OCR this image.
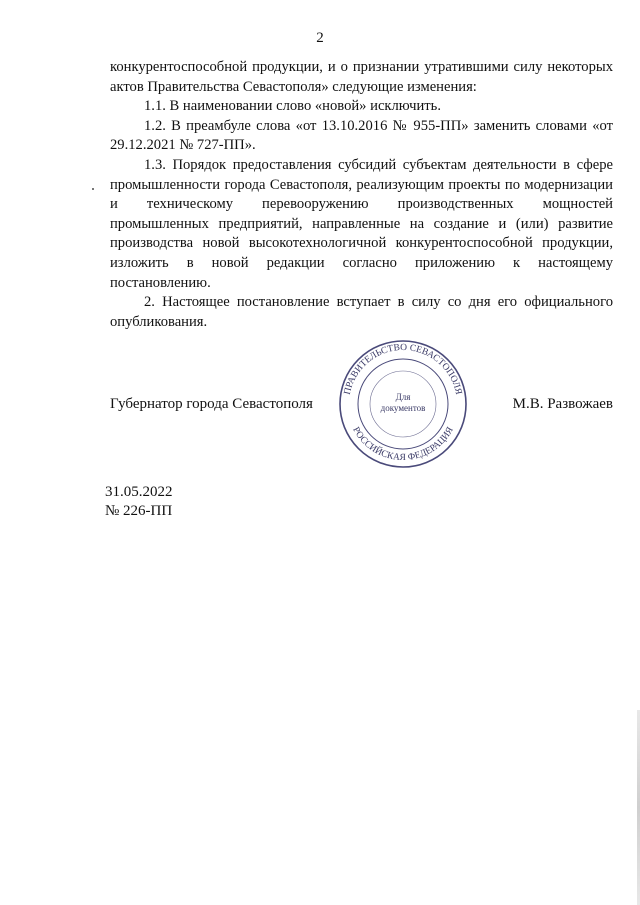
2

конкурентоспособной продукции, и о признании утратившими силу некоторых актов Правительства Севастополя» следующие изменения:

1.1. В наименовании слово «новой» исключить.

1.2. В преамбуле слова «от 13.10.2016 № 955-ПП» заменить словами «от 29.12.2021 № 727-ПП».

1.3. Порядок предоставления субсидий субъектам деятельности в сфере промышленности города Севастополя, реализующим проекты по модернизации и техническому перевооружению производственных мощностей промышленных предприятий, направленные на создание и (или) развитие производства новой высокотехнологичной конкурентоспособной продукции, изложить в новой редакции согласно приложению к настоящему постановлению.

2. Настоящее постановление вступает в силу со дня его официального опубликования.

Губернатор города Севастополя
ПРАВИТЕЛЬСТВО СЕВАСТОПОЛЯ
РОССИЙСКАЯ ФЕДЕРАЦИЯ
Для
документов	М.В. Развожаев
31.05.2022
№ 226-ПП
